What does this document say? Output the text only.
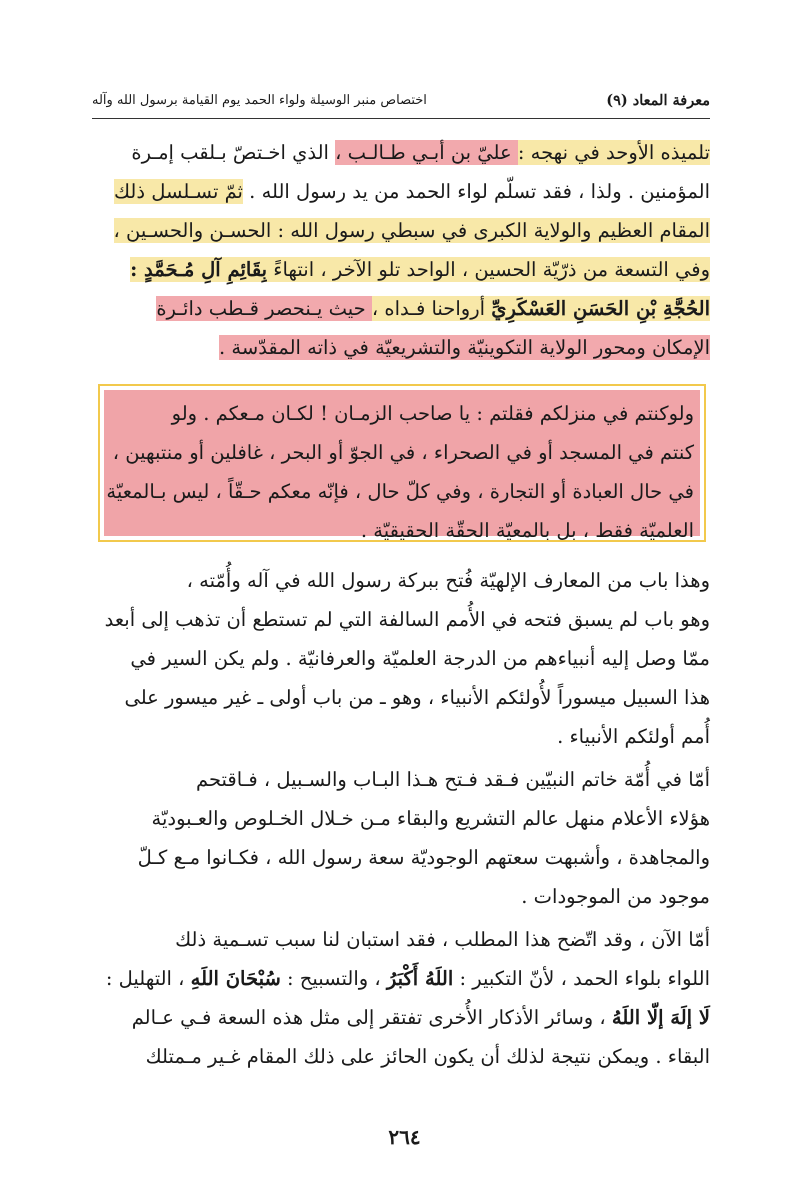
معرفة المعاد (٩)
اختصاص منبر الوسيلة ولواء الحمد يوم القيامة برسول الله وآله
تلميذه الأوحد في نهجه : عليّ بن أبـي طـالـب ، الذي اخـتصّ بـلقب إمـرة
المؤمنين . ولذا ، فقد تسلّم لواء الحمد من يد رسول الله . ثمّ تسـلسل ذلك
المقام العظيم والولاية الكبرى في سبطي رسول الله : الحسـن والحسـين ،
وفي التسعة من ذرّيّة الحسين ، الواحد تلو الآخر ، انتهاءً بِقَائِمِ آلِ مُـحَمَّدٍ :
الحُجَّةِ بْنِ الحَسَنِ العَسْكَرِيِّ أرواحنا فـداه ، حيث يـنحصر قـطب دائـرة
الإمكان ومحور الولاية التكوينيّة والتشريعيّة في ذاته المقدّسة .
ولوكنتم في منزلكم فقلتم : يا صاحب الزمـان ! لكـان مـعكم . ولو
كنتم في المسجد أو في الصحراء ، في الجوّ أو البحر ، غافلين أو منتبهين ،
في حال العبادة أو التجارة ، وفي كلّ حال ، فإنّه معكم حـقّاً ، ليس بـالمعيّة
العلميّة فقط ، بل بالمعيّة الحقّة الحقيقيّة .
وهذا باب من المعارف الإلهيّة فُتح ببركة رسول الله في آله وأُمّته ،
وهو باب لم يسبق فتحه في الأُمم السالفة التي لم تستطع أن تذهب إلى أبعد
ممّا وصل إليه أنبياءهم من الدرجة العلميّة والعرفانيّة . ولم يكن السير في
هذا السبيل ميسوراً لأُولئكم الأنبياء ، وهو ـ من باب أولى ـ غير ميسور على
أُمم أولئكم الأنبياء .
أمّا في أُمّة خاتم النبيّين فـقد فـتح هـذا البـاب والسـبيل ، فـاقتحم
هؤلاء الأعلام منهل عالم التشريع والبقاء مـن خـلال الخـلوص والعـبوديّة
والمجاهدة ، وأشبهت سعتهم الوجوديّة سعة رسول الله ، فكـانوا مـع كـلّ
موجود من الموجودات .
أمّا الآن ، وقد اتّضح هذا المطلب ، فقد استبان لنا سبب تسـمية ذلك
اللواء بلواء الحمد ، لأنّ التكبير : اللَهُ أَكْبَرُ ، والتسبيح : سُبْحَانَ اللَهِ ، التهليل :
لَا إلَهَ إلّا اللَهُ ، وسائر الأذكار الأُخرى تفتقر إلى مثل هذه السعة فـي عـالم
البقاء . ويمكن نتيجة لذلك أن يكون الحائز على ذلك المقام غـير مـمتلك
٢٦٤
